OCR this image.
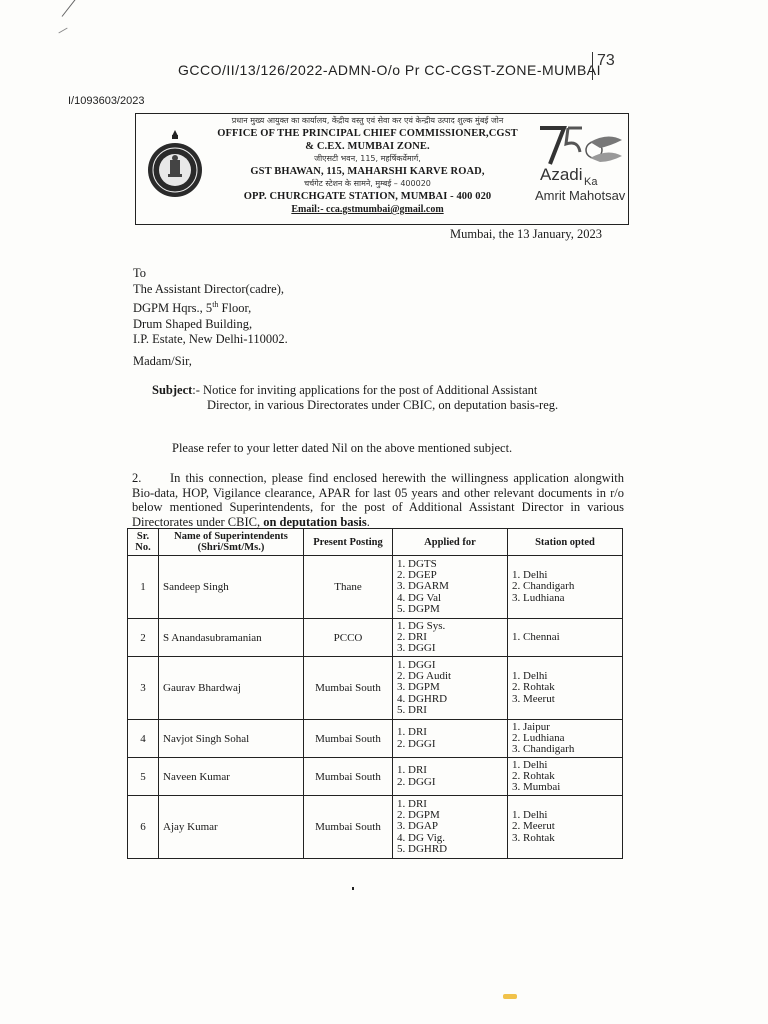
GCCO/II/13/126/2022-ADMN-O/o Pr CC-CGST-ZONE-MUMBAI
73
I/1093603/2023
प्रधान मुख्य आयुक्त का कार्यालय, केंद्रीय वस्तु एवं सेवा कर एवं केन्द्रीय उत्पाद शुल्क मुंबई जोन
OFFICE OF THE PRINCIPAL CHIEF COMMISSIONER,CGST
& C.EX. MUMBAI ZONE.
जीएसटी भवन, 115, महर्षिकर्वेमार्ग,
GST BHAWAN, 115, MAHARSHI KARVE ROAD,
चर्चगेट स्टेशन के सामने, मुम्बई – 400020
OPP. CHURCHGATE STATION, MUMBAI - 400 020
Email:- cca.gstmumbai@gmail.com
Azadi Ka
Amrit Mahotsav
Mumbai, the 13 January, 2023
To
The Assistant Director(cadre),
DGPM Hqrs., 5th Floor,
Drum Shaped Building,
I.P. Estate, New Delhi-110002.
Madam/Sir,
Subject:- Notice for inviting applications for the post of Additional Assistant
Director, in various Directorates under CBIC, on deputation basis-reg.
Please refer to your letter dated Nil on the above mentioned subject.
2. In this connection, please find enclosed herewith the willingness application alongwith Bio-data, HOP, Vigilance clearance, APAR for last 05 years and other relevant documents in r/o below mentioned Superintendents, for the post of Additional Assistant Director in various Directorates under CBIC, on deputation basis.
Sr. No.	Name of Superintendents (Shri/Smt/Ms.)	Present Posting	Applied for	Station opted
1	Sandeep Singh	Thane	1. DGTS
2. DGEP
3. DGARM
4. DG Val
5. DGPM	1. Delhi
2. Chandigarh
3. Ludhiana

2	S Anandasubramanian	PCCO	1. DG Sys.
2. DRI
3. DGGI	1. Chennai

3	Gaurav Bhardwaj	Mumbai South	1. DGGI
2. DG Audit
3. DGPM
4. DGHRD
5. DRI	1. Delhi
2. Rohtak
3. Meerut

4	Navjot Singh Sohal	Mumbai South	1. DRI
2. DGGI	1. Jaipur
2. Ludhiana
3. Chandigarh

5	Naveen Kumar	Mumbai South	1. DRI
2. DGGI	1. Delhi
2. Rohtak
3. Mumbai

6	Ajay Kumar	Mumbai South	1. DRI
2. DGPM
3. DGAP
4. DG Vig.
5. DGHRD	1. Delhi
2. Meerut
3. Rohtak
